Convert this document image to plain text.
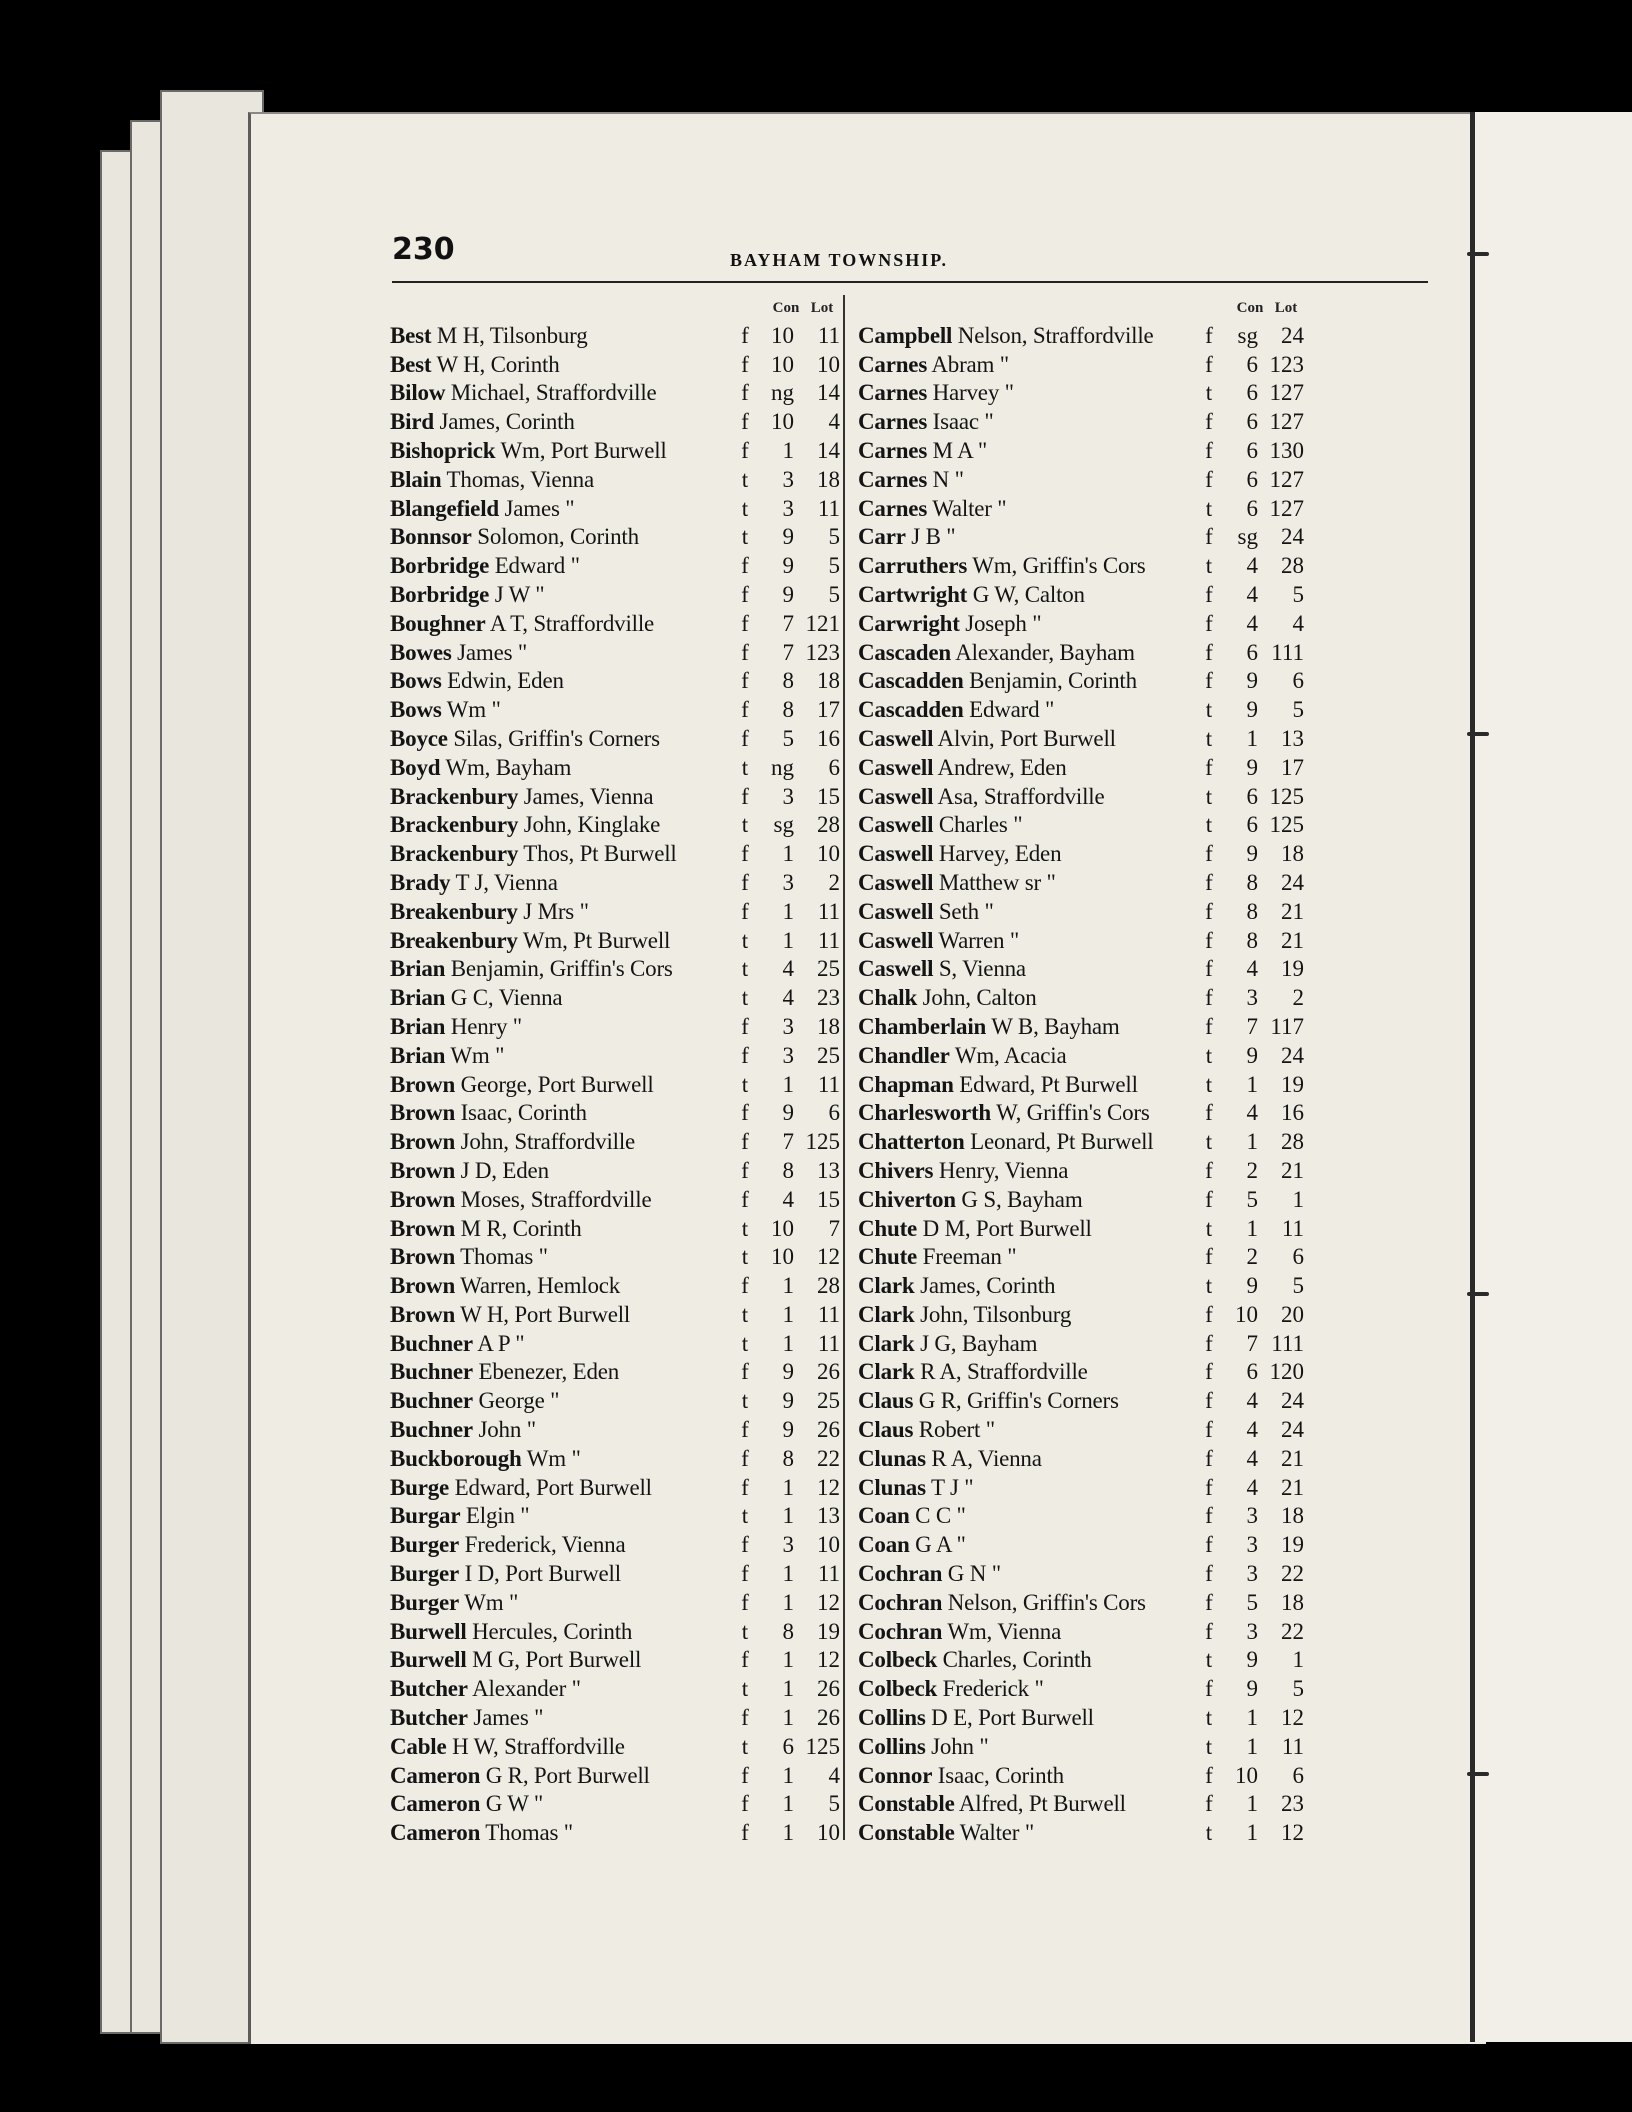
230	BAYHAM TOWNSHIP.
Con Lot
Best M H, Tilsonburg	f 10	11
Best W H, Corinth	f 10	10
Bilow Michael, Straffordville	f ng	14
Bird James, Corinth	f 10	4
Bishoprick Wm, Port Burwell	f	1	14
Blain Thomas, Vienna	t	3	18
Blangefield James "	t	3	11
Bonnsor Solomon, Corinth	t	9	5
Borbridge Edward "	f	9	5
Borbridge J W "	f	9	5
Boughner A T, Straffordville	f	7 121
Bowes James "	f	7 123
Bows Edwin, Eden	f	8	18
Bows Wm "	f	8	17
Boyce Silas, Griffin's Corners	f	5	16
Boyd Wm, Bayham	t ng	6
Brackenbury James, Vienna	f	3	15
Brackenbury John, Kinglake	t	sg	28
Brackenbury Thos, Pt Burwell	f	1	10
Brady T J, Vienna	f	3	2
Breakenbury J Mrs "	f	1	11
Breakenbury Wm, Pt Burwell	t	1	11
Brian Benjamin, Griffin's Cors	t	4	25
Brian G C, Vienna	t	4	23
Brian Henry "	f	3	18
Brian Wm "	f	3	25
Brown George, Port Burwell	t	1	11
Brown Isaac, Corinth	f	9	6
Brown John, Straffordville	f	7 125
Brown J D, Eden	f	8	13
Brown Moses, Straffordville	f	4	15
Brown M R, Corinth	t 10	7
Brown Thomas "	t 10	12
Brown Warren, Hemlock	f	1	28
Brown W H, Port Burwell	t	1	11
Buchner A P "	t	1	11
Buchner Ebenezer, Eden	f	9	26
Buchner George "	t	9	25
Buchner John "	f	9	26
Buckborough Wm "	f	8	22
Burge Edward, Port Burwell	f	1	12
Burgar Elgin "	t	1	13
Burger Frederick, Vienna	f	3	10
Burger I D, Port Burwell	f	1	11
Burger Wm "	f	1	12
Burwell Hercules, Corinth	t	8	19
Burwell M G, Port Burwell	f	1	12
Butcher Alexander "	t	1	26
Butcher James "	f	1	26
Cable H W, Straffordville	t	6 125
Cameron G R, Port Burwell	f	1	4
Cameron G W "	f	1	5
Cameron Thomas "	f	1	10
Con Lot
Campbell Nelson, Straffordville	f	sg	24
Carnes Abram "	f	6 123
Carnes Harvey "	t	6 127
Carnes Isaac "	f	6 127
Carnes M A "	f	6 130
Carnes N "	f	6 127
Carnes Walter "	t	6 127
Carr J B "	f	sg	24
Carruthers Wm, Griffin's Cors	t	4	28
Cartwright G W, Calton	f	4	5
Carwright Joseph "	f	4	4
Cascaden Alexander, Bayham	f	6 111
Cascadden Benjamin, Corinth	f	9	6
Cascadden Edward "	t	9	5
Caswell Alvin, Port Burwell	t	1	13
Caswell Andrew, Eden	f	9	17
Caswell Asa, Straffordville	t	6 125
Caswell Charles "	t	6 125
Caswell Harvey, Eden	f	9	18
Caswell Matthew sr "	f	8	24
Caswell Seth "	f	8	21
Caswell Warren "	f	8	21
Caswell S, Vienna	f	4	19
Chalk John, Calton	f	3	2
Chamberlain W B, Bayham	f	7 117
Chandler Wm, Acacia	t	9	24
Chapman Edward, Pt Burwell	t	1	19
Charlesworth W, Griffin's Cors	f	4	16
Chatterton Leonard, Pt Burwell	t	1	28
Chivers Henry, Vienna	f	2	21
Chiverton G S, Bayham	f	5	1
Chute D M, Port Burwell	t	1	11
Chute Freeman "	f	2	6
Clark James, Corinth	t	9	5
Clark John, Tilsonburg	f 10	20
Clark J G, Bayham	f	7 111
Clark R A, Straffordville	f	6 120
Claus G R, Griffin's Corners	f	4	24
Claus Robert "	f	4	24
Clunas R A, Vienna	f	4	21
Clunas T J "	f	4	21
Coan C C "	f	3	18
Coan G A "	f	3	19
Cochran G N "	f	3	22
Cochran Nelson, Griffin's Cors	f	5	18
Cochran Wm, Vienna	f	3	22
Colbeck Charles, Corinth	t	9	1
Colbeck Frederick "	f	9	5
Collins D E, Port Burwell	t	1	12
Collins John "	t	1	11
Connor Isaac, Corinth	f 10	6
Constable Alfred, Pt Burwell	f	1	23
Constable Walter "	t	1	12
